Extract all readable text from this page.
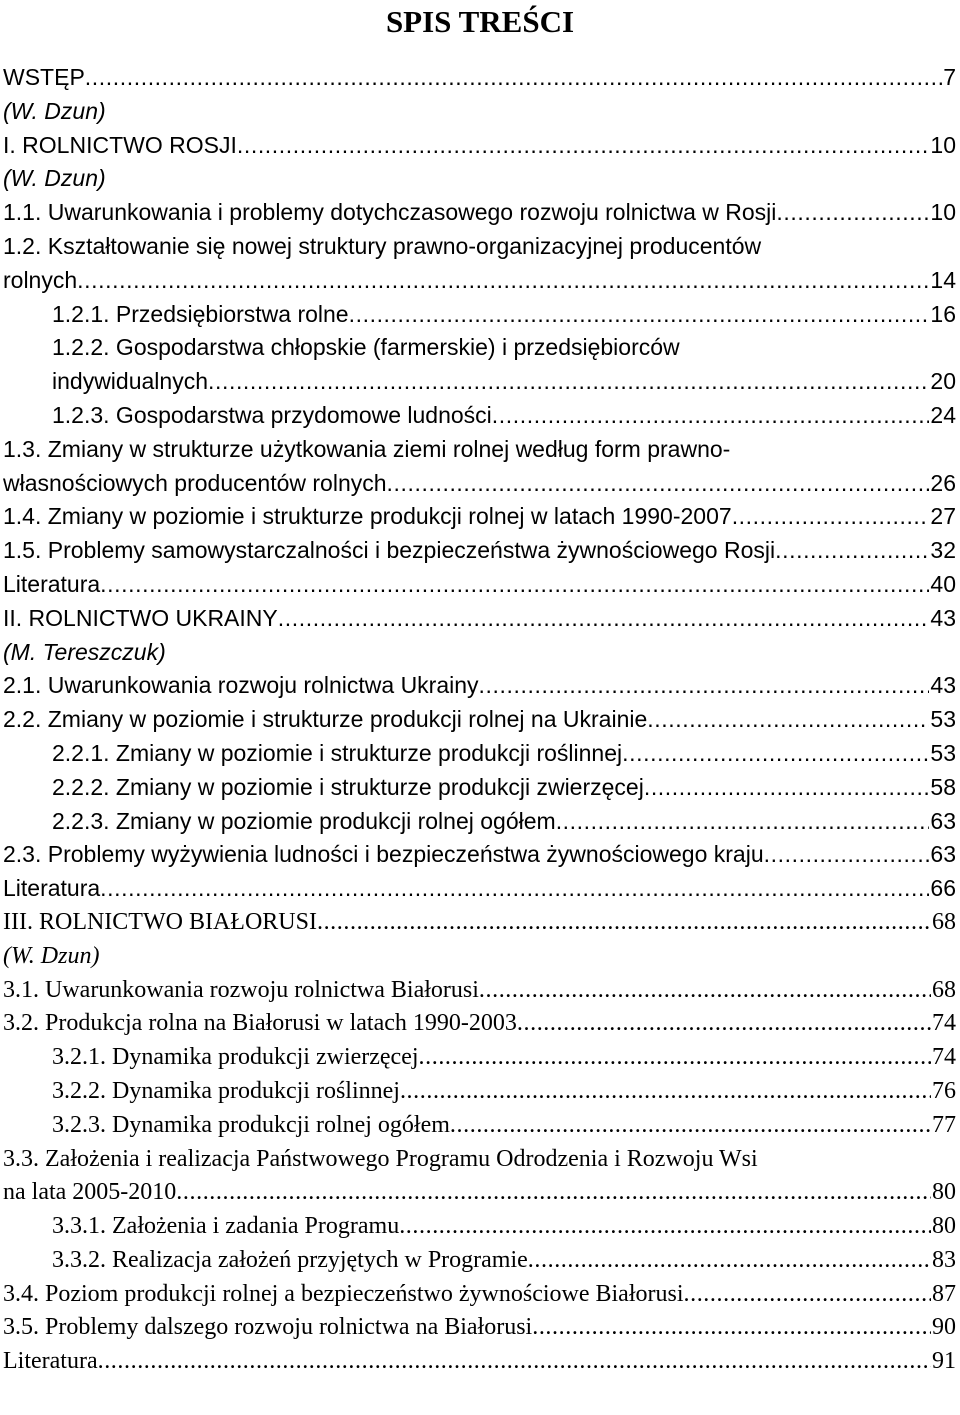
SPIS TREŚCI
WSTĘP .....	7
(W. Dzun)
I. ROLNICTWO ROSJI .....	10
(W. Dzun)
1.1. Uwarunkowania i problemy dotychczasowego rozwoju rolnictwa w Rosji .....	10
1.2. Kształtowanie się nowej struktury prawno-organizacyjnej producentów
rolnych .....	14
1.2.1. Przedsiębiorstwa rolne .....	16
1.2.2. Gospodarstwa chłopskie (farmerskie) i przedsiębiorców
indywidualnych .....	20
1.2.3. Gospodarstwa przydomowe ludności .....	24
1.3. Zmiany w strukturze użytkowania ziemi rolnej według form prawno-
własnościowych producentów rolnych .....	26
1.4. Zmiany w poziomie i strukturze produkcji rolnej w latach 1990-2007 .....	27
1.5. Problemy samowystarczalności i bezpieczeństwa żywnościowego Rosji .....	32
Literatura .....	40
II. ROLNICTWO UKRAINY .....	43
(M. Tereszczuk)
2.1. Uwarunkowania rozwoju rolnictwa Ukrainy .....	43
2.2. Zmiany w poziomie i strukturze produkcji rolnej na Ukrainie .....	53
2.2.1. Zmiany w poziomie i strukturze produkcji roślinnej .....	53
2.2.2. Zmiany w poziomie i strukturze produkcji zwierzęcej .....	58
2.2.3. Zmiany w poziomie produkcji rolnej ogółem .....	63
2.3. Problemy wyżywienia ludności i bezpieczeństwa żywnościowego kraju .....	63
Literatura .....	66
III. ROLNICTWO BIAŁORUSI .....	68
(W. Dzun)
3.1. Uwarunkowania rozwoju rolnictwa Białorusi .....	68
3.2. Produkcja rolna na Białorusi w latach 1990-2003 .....	74
3.2.1. Dynamika produkcji zwierzęcej .....	74
3.2.2. Dynamika produkcji roślinnej .....	76
3.2.3. Dynamika produkcji rolnej ogółem .....	77
3.3. Założenia i realizacja Państwowego Programu Odrodzenia i Rozwoju Wsi
na lata 2005-2010 .....	80
3.3.1. Założenia i zadania Programu .....	80
3.3.2. Realizacja założeń przyjętych w Programie .....	83
3.4. Poziom produkcji rolnej a bezpieczeństwo żywnościowe Białorusi .....	87
3.5. Problemy dalszego rozwoju rolnictwa na Białorusi .....	90
Literatura .....	91
